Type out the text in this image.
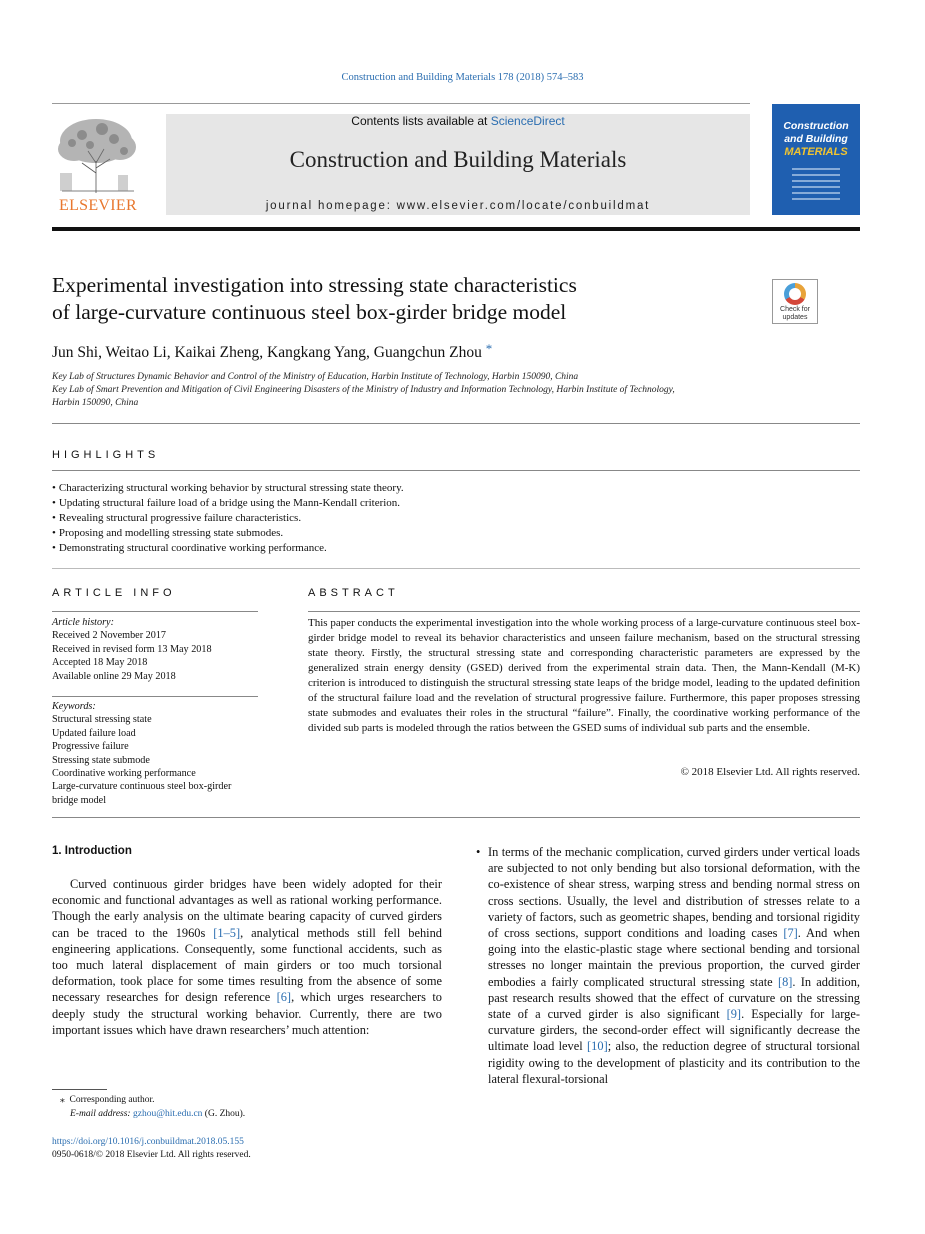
Construction and Building Materials 178 (2018) 574–583
ELSEVIER
Contents lists available at ScienceDirect
Construction and Building Materials
journal homepage: www.elsevier.com/locate/conbuildmat
Construction
and Building
MATERIALS
Experimental investigation into stressing state characteristics
of large-curvature continuous steel box-girder bridge model	Check for updates
Jun Shi, Weitao Li, Kaikai Zheng, Kangkang Yang, Guangchun Zhou *
Key Lab of Structures Dynamic Behavior and Control of the Ministry of Education, Harbin Institute of Technology, Harbin 150090, China
Key Lab of Smart Prevention and Mitigation of Civil Engineering Disasters of the Ministry of Industry and Information Technology, Harbin Institute of Technology,
Harbin 150090, China
HIGHLIGHTS
• Characterizing structural working behavior by structural stressing state theory.
• Updating structural failure load of a bridge using the Mann-Kendall criterion.
• Revealing structural progressive failure characteristics.
• Proposing and modelling stressing state submodes.
• Demonstrating structural coordinative working performance.
ARTICLE INFO
Article history:
Received 2 November 2017
Received in revised form 13 May 2018
Accepted 18 May 2018
Available online 29 May 2018
Keywords:
Structural stressing state
Updated failure load
Progressive failure
Stressing state submode
Coordinative working performance
Large-curvature continuous steel box-girder
bridge model
ABSTRACT

This paper conducts the experimental investigation into the whole working process of a large-curvature continuous steel box-girder bridge model to reveal its behavior characteristics and unseen failure mechanism, based on the structural stressing state theory. Firstly, the structural stressing state and corresponding characteristic parameters are expressed by the generalized strain energy density (GSED) derived from the experimental strain data. Then, the Mann-Kendall (M-K) criterion is introduced to distinguish the structural stressing state leaps of the bridge model, leading to the updated definition of the structural failure load and the revelation of structural progressive failure. Furthermore, this paper proposes stressing state submodes and evaluates their roles in the structural “failure”. Finally, the coordinative working performance of the divided sub parts is modeled through the ratios between the GSED sums of individual sub parts and the ensemble.

© 2018 Elsevier Ltd. All rights reserved.
1. Introduction

Curved continuous girder bridges have been widely adopted for their economic and functional advantages as well as rational working performance. Though the early analysis on the ultimate bearing capacity of curved girders can be traced to the 1960s [1–5], analytical methods still fell behind engineering applications. Consequently, some functional accidents, such as too much lateral displacement of main girders or too much torsional deformation, took place for some times resulting from the absence of some necessary researches for design reference [6], which urges researchers to deeply study the structural working behavior. Currently, there are two important issues which have drawn researchers’ much attention:

• In terms of the mechanic complication, curved girders under vertical loads are subjected to not only bending but also torsional deformation, with the co-existence of shear stress, warping stress and bending normal stress on cross sections. Usually, the level and distribution of stresses relate to a variety of factors, such as geometric shapes, bending and torsional rigidity of cross sections, support conditions and loading cases [7]. And when going into the elastic-plastic stage where sectional bending and torsional stresses no longer maintain the previous proportion, the curved girder embodies a fairly complicated structural stressing state [8]. In addition, past research results showed that the effect of curvature on the stressing state of a curved girder is also significant [9]. Especially for large-curvature girders, the second-order effect will significantly decrease the ultimate load level [10]; also, the reduction degree of structural torsional rigidity owing to the development of plasticity and its contribution to the lateral flexural-torsional

⁎ Corresponding author.
E-mail address: gzhou@hit.edu.cn (G. Zhou).
https://doi.org/10.1016/j.conbuildmat.2018.05.155
0950-0618/© 2018 Elsevier Ltd. All rights reserved.
